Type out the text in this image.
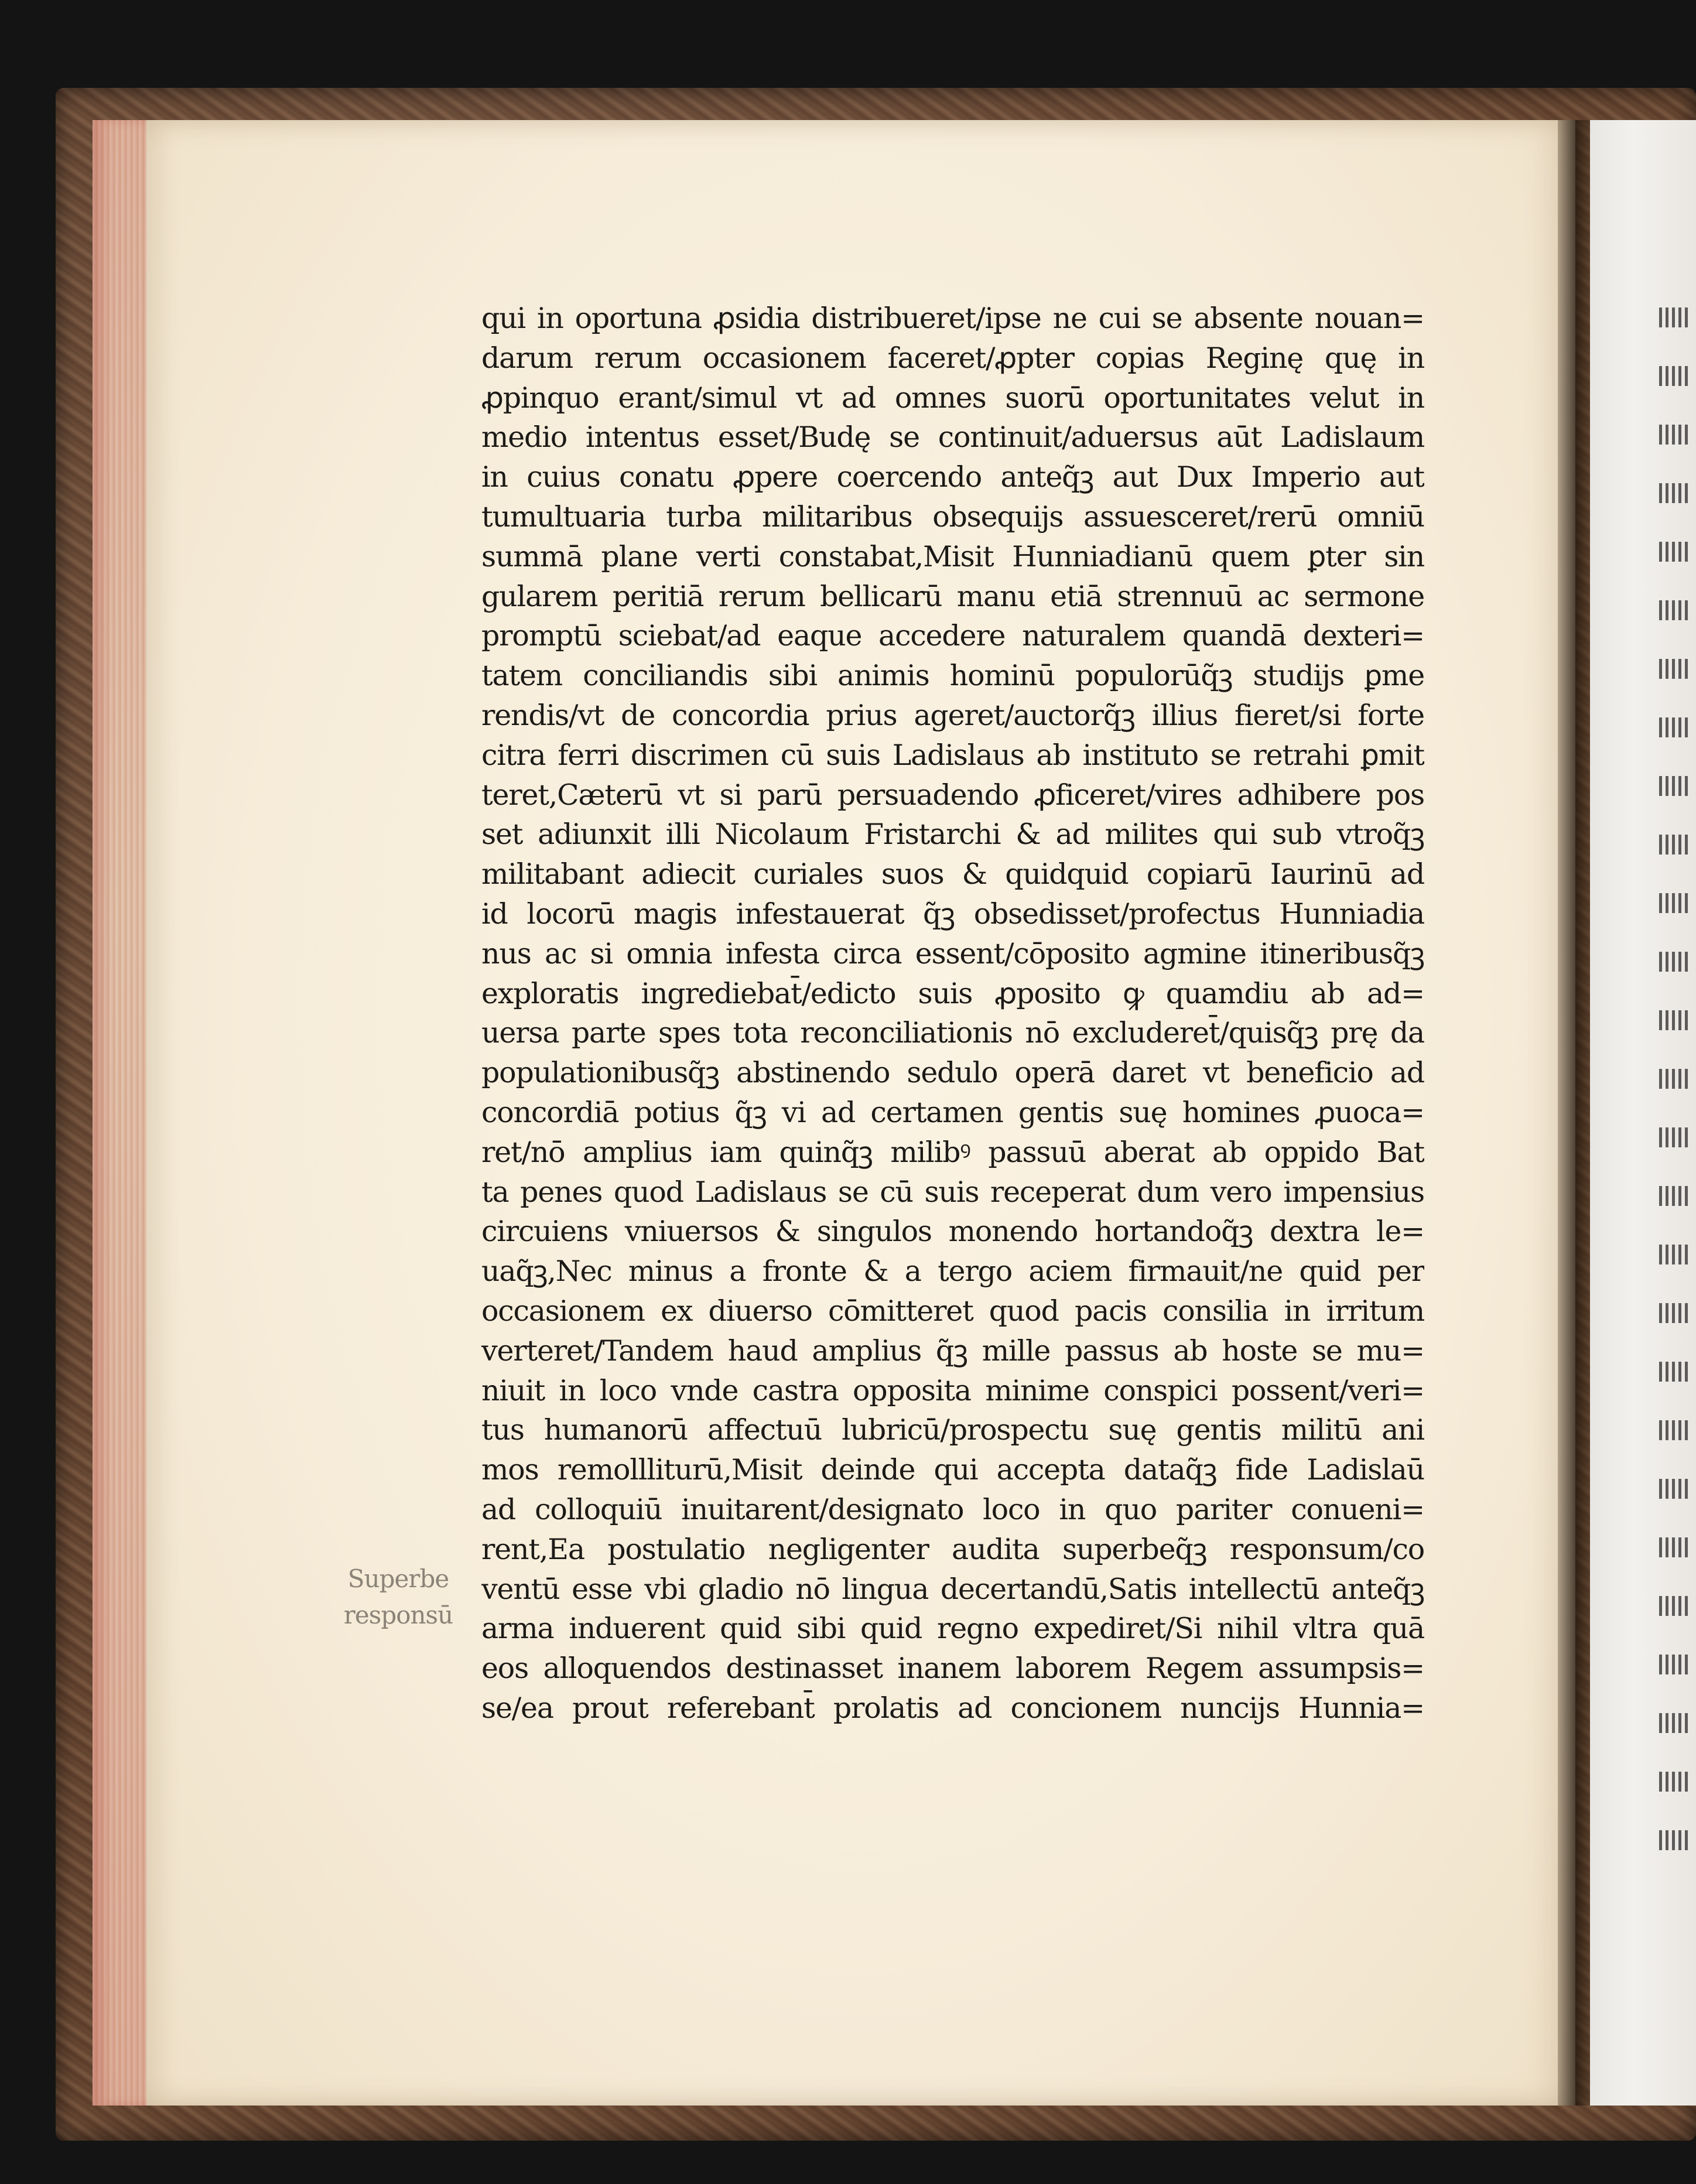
Superbe
responsū
qui in oportuna ꝓsidia distribueret/ipse ne cui se absente nouan=
darum rerum occasionem faceret/ꝓpter copias Reginę quę in
ꝓpinquo erant/simul vt ad omnes suorū oportunitates velut in
medio intentus esset/Budę se continuit/aduersus aūt Ladislaum
in cuius conatu ꝓpere coercendo anteq̃ꝫ aut Dux Imperio aut
tumultuaria turba militaribus obsequijs assuesceret/rerū omniū
summā plane verti constabat,Misit Hunniadianū quem ꝑter sin
gularem peritiā rerum bellicarū manu etiā strennuū ac sermone
promptū sciebat/ad eaque accedere naturalem quandā dexteri=
tatem conciliandis sibi animis hominū populorūq̃ꝫ studijs ꝑme
rendis/vt de concordia prius ageret/auctorq̃ꝫ illius fieret/si forte
citra ferri discrimen cū suis Ladislaus ab instituto se retrahi ꝑmit
teret,Cæterū vt si parū persuadendo ꝓficeret/vires adhibere pos
set adiunxit illi Nicolaum Fristarchi & ad milites qui sub vtroq̃ꝫ
militabant adiecit curiales suos & quidquid copiarū Iaurinū ad
id locorū magis infestauerat q̃ꝫ obsedisset/profectus Hunniadia
nus ac si omnia infesta circa essent/cōposito agmine itineribusq̃ꝫ
exploratis ingrediebat̄/edicto suis ꝓposito ꝙ quamdiu ab ad=
uersa parte spes tota reconciliationis nō excluderet̄/quisq̃ꝫ prę da
populationibusq̃ꝫ abstinendo sedulo operā daret vt beneficio ad
concordiā potius q̃ꝫ vi ad certamen gentis suę homines ꝓuoca=
ret/nō amplius iam quinq̃ꝫ milibꝰ passuū aberat ab oppido Bat
ta penes quod Ladislaus se cū suis receperat dum vero impensius
circuiens vniuersos & singulos monendo hortandoq̃ꝫ dextra le=
uaq̃ꝫ,Nec minus a fronte & a tergo aciem firmauit/ne quid per
occasionem ex diuerso cōmitteret quod pacis consilia in irritum
verteret/Tandem haud amplius q̃ꝫ mille passus ab hoste se mu=
niuit in loco vnde castra opposita minime conspici possent/veri=
tus humanorū affectuū lubricū/prospectu suę gentis militū ani
mos remollliturū,Misit deinde qui accepta dataq̃ꝫ fide Ladislaū
ad colloquiū inuitarent/designato loco in quo pariter conueni=
rent,Ea postulatio negligenter audita superbeq̃ꝫ responsum/co
ventū esse vbi gladio nō lingua decertandū,Satis intellectū anteq̃ꝫ
arma induerent quid sibi quid regno expediret/Si nihil vltra quā
eos alloquendos destinasset inanem laborem Regem assumpsis=
se/ea prout referebant̄ prolatis ad concionem nuncijs Hunnia=
